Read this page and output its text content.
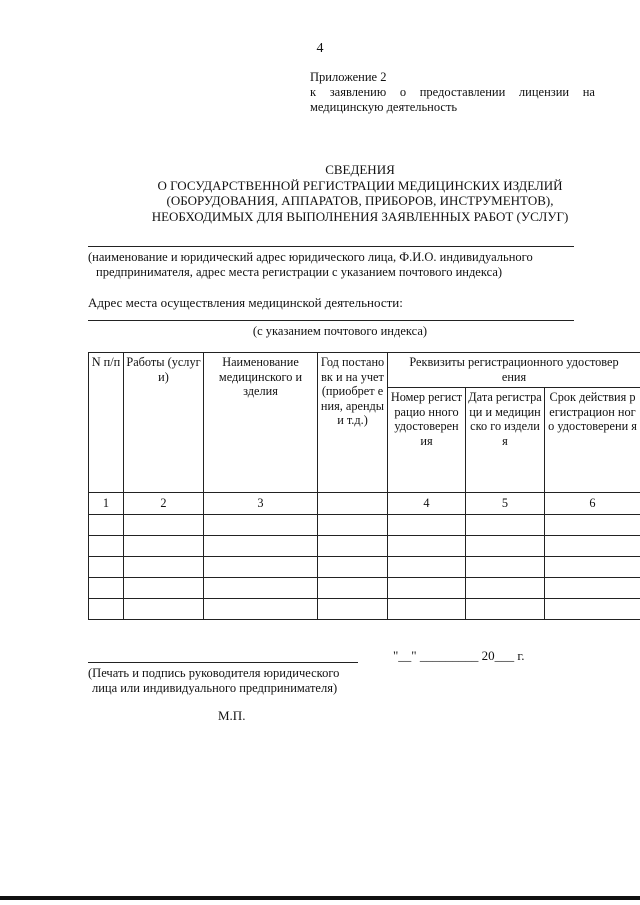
4
Приложение 2
к заявлению о предоставлении лицензии на
медицинскую деятельность
СВЕДЕНИЯ
О ГОСУДАРСТВЕННОЙ РЕГИСТРАЦИИ МЕДИЦИНСКИХ ИЗДЕЛИЙ
(ОБОРУДОВАНИЯ, АППАРАТОВ, ПРИБОРОВ, ИНСТРУМЕНТОВ),
НЕОБХОДИМЫХ ДЛЯ ВЫПОЛНЕНИЯ ЗАЯВЛЕННЫХ РАБОТ (УСЛУГ)
(наименование и юридический адрес юридического лица, Ф.И.О. индивидуального
предпринимателя, адрес места регистрации с указанием почтового индекса)
Адрес места осуществления медицинской деятельности:
(с указанием почтового индекса)
N п/п	Работы (услуги)	Наименование медицинского изделия	Год постановк и на учет (приобрет ения, аренды и т.д.)	Реквизиты регистрационного удостоверения		
				Номер регистрацио нного удостоверен ия	Дата регистраци и медицинско го изделия	Срок действия регистрацион ного удостоверени я
1	2	3		4	5	6

"__" _________ 20___ г.
(Печать и подпись руководителя юридического
лица или индивидуального предпринимателя)
М.П.
